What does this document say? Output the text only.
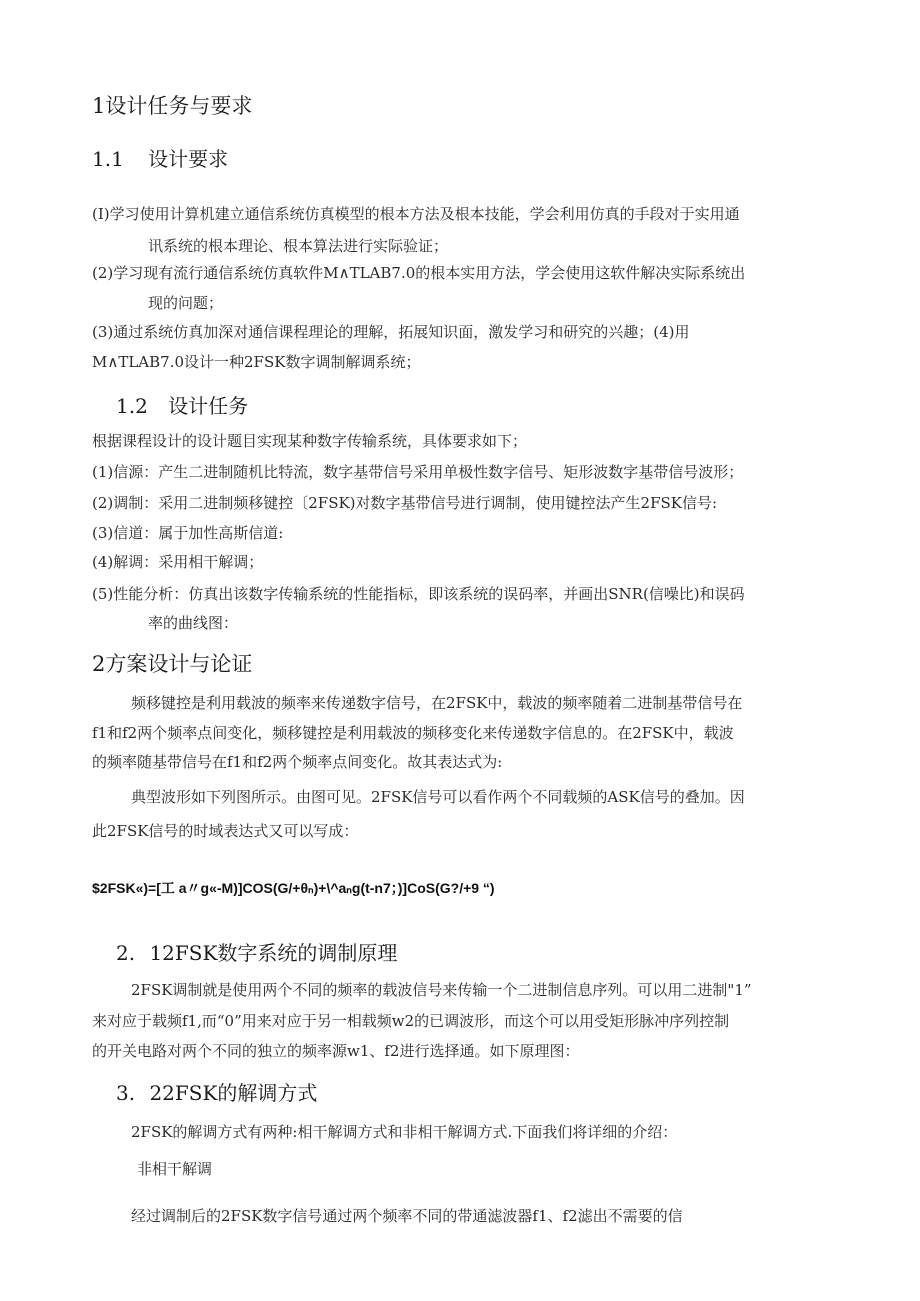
1设计任务与要求
1.1 设计要求
(I)学习使用计算机建立通信系统仿真模型的根本方法及根本技能，学会利用仿真的手段对于实用通
讯系统的根本理论、根本算法进行实际验证；
(2)学习现有流行通信系统仿真软件M∧TLAB7.0的根本实用方法，学会使用这软件解决实际系统出
现的问题；
(3)通过系统仿真加深对通信课程理论的理解，拓展知识面，激发学习和研究的兴趣；(4)用
M∧TLAB7.0设计一种2FSK数字调制解调系统；
1.2 设计任务
根据课程设计的设计题目实现某种数字传输系统，具体要求如下；
(1)信源：产生二进制随机比特流，数字基带信号采用单极性数字信号、矩形波数字基带信号波形；
(2)调制：采用二进制频移键控〔2FSK)对数字基带信号进行调制，使用键控法产生2FSK信号:
(3)信道：属于加性高斯信道:
(4)解调：采用相干解调；
(5)性能分析：仿真出该数字传输系统的性能指标，即该系统的误码率，并画出SNR(信噪比)和误码
率的曲线图：
2方案设计与论证
频移键控是利用载波的频率来传递数字信号，在2FSK中，载波的频率随着二进制基带信号在
f1和f2两个频率点间变化，频移键控是利用载波的频移变化来传递数字信息的。在2FSK中，载波
的频率随基带信号在f1和f2两个频率点间变化。故其表达式为:
典型波形如下列图所示。由图可见。2FSK信号可以看作两个不同载频的ASK信号的叠加。因
此2FSK信号的时域表达式又可以写成：
$2FSK«)=[工 a〃g«-M)]COS(G/+θₙ)+\^aₙg(t-n7；)]CoS(G?/+9 “)
2. 12FSK数字系统的调制原理
2FSK调制就是使用两个不同的频率的载波信号来传输一个二进制信息序列。可以用二进制"1”
来对应于载频f1,而“0”用来对应于另一相载频w2的已调波形，而这个可以用受矩形脉冲序列控制
的开关电路对两个不同的独立的频率源w1、f2进行选择通。如下原理图：
3. 22FSK的解调方式
2FSK的解调方式有两种:相干解调方式和非相干解调方式.下面我们将详细的介绍：
非相干解调
经过调制后的2FSK数字信号通过两个频率不同的带通滤波器f1、f2滤出不需要的信
